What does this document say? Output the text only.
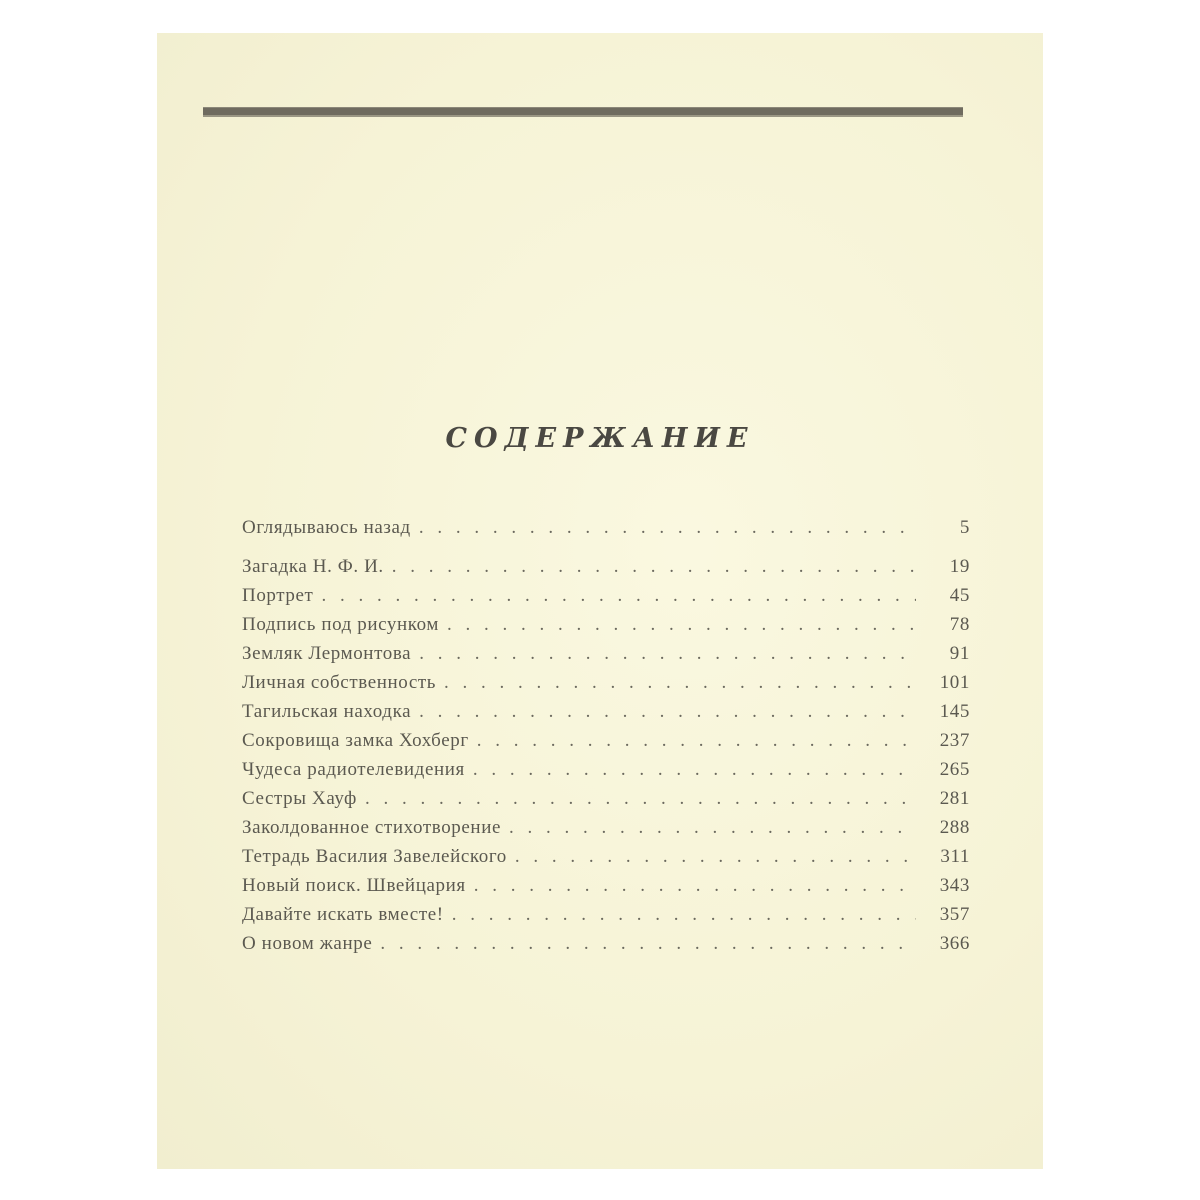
СОДЕРЖАНИЕ
Оглядываюсь назад . . .	5
Загадка Н. Ф. И. . . .	19
Портрет . . .	45
Подпись под рисунком . . .	78
Земляк Лермонтова . . .	91
Личная собственность . . .	101
Тагильская находка . . .	145
Сокровища замка Хохберг . . .	237
Чудеса радиотелевидения . . .	265
Сестры Хауф . . .	281
Заколдованное стихотворение . . .	288
Тетрадь Василия Завелейского . . .	311
Новый поиск. Швейцария . . .	343
Давайте искать вместе! . . .	357
О новом жанре . . .	366
